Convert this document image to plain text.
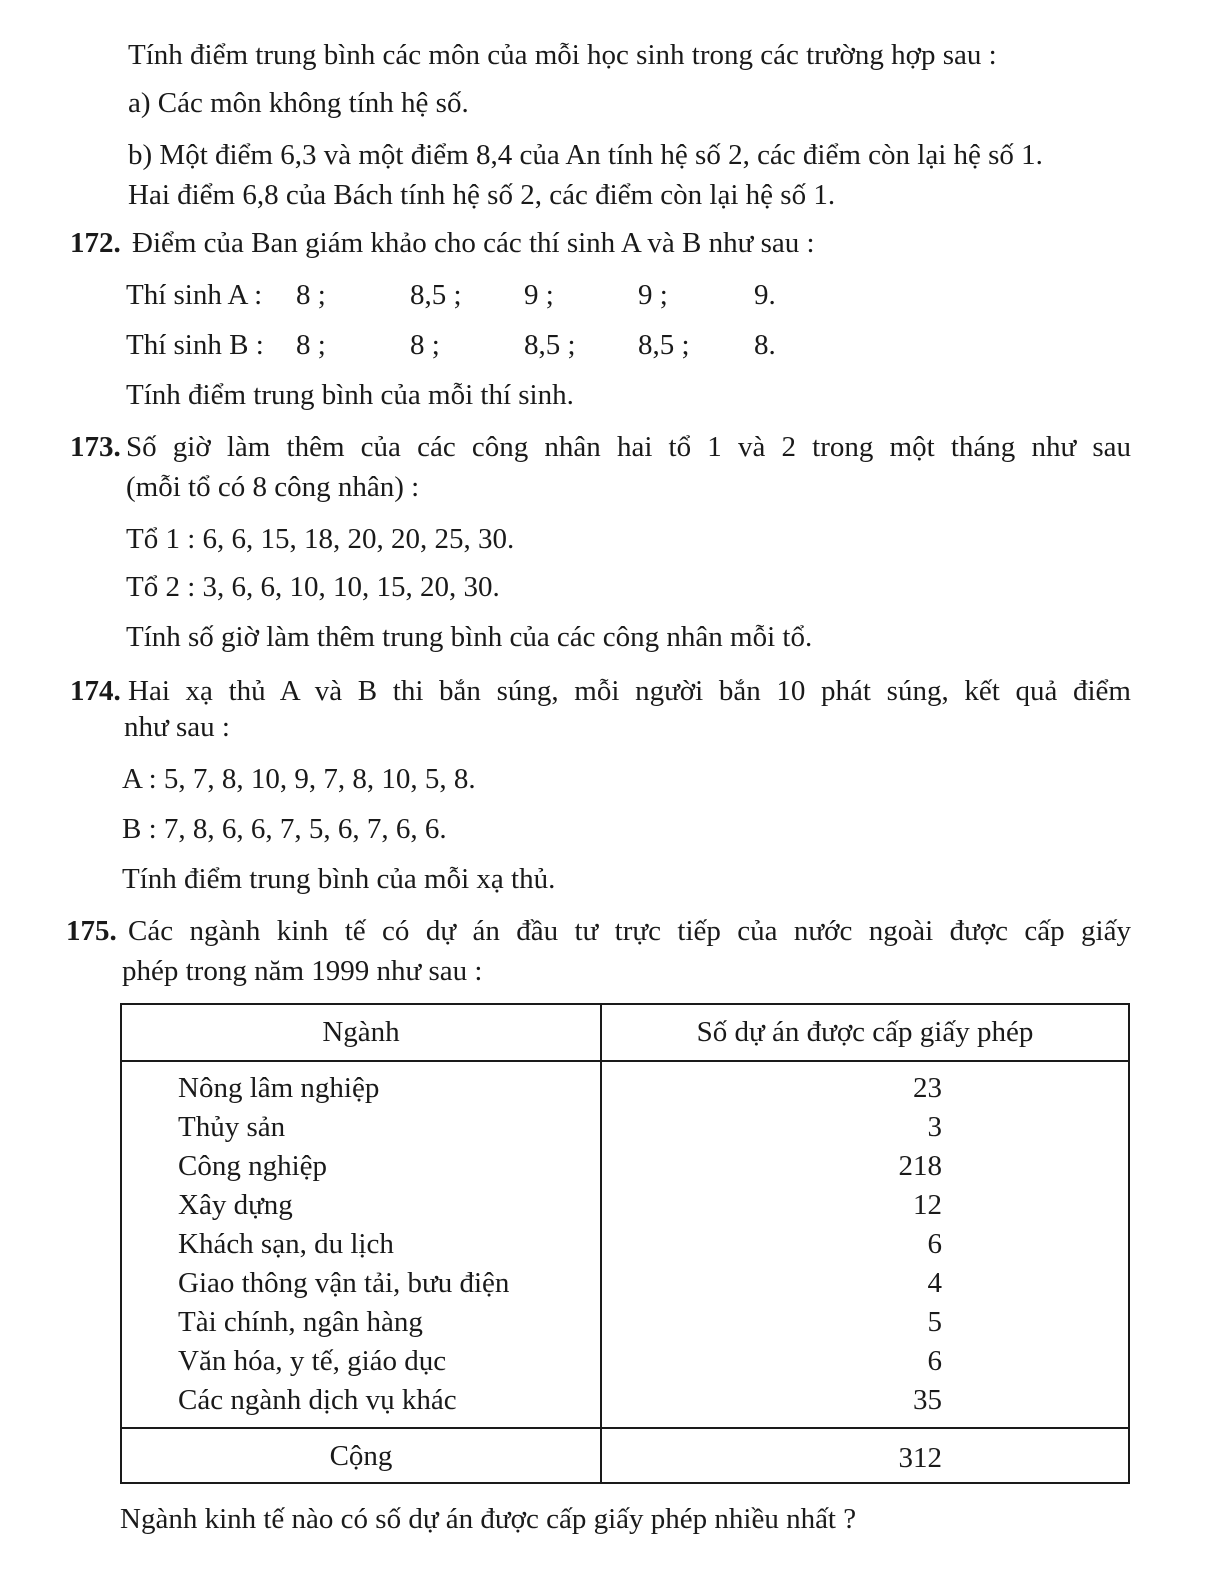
Tính điểm trung bình các môn của mỗi học sinh trong các trường hợp sau :
a) Các môn không tính hệ số.
b) Một điểm 6,3 và một điểm 8,4 của An tính hệ số 2, các điểm còn lại hệ số 1.
Hai điểm 6,8 của Bách tính hệ số 2, các điểm còn lại hệ số 1.
172. Điểm của Ban giám khảo cho các thí sinh A và B như sau :
Thí sinh A : 8 ;	8,5 ; 9 ;	9 ;	9.
Thí sinh B : 8 ;	8 ;	8,5 ; 8,5 ; 8.
Tính điểm trung bình của mỗi thí sinh.
173. Số giờ làm thêm của các công nhân hai tổ 1 và 2 trong một tháng như sau
(mỗi tổ có 8 công nhân) :
Tổ 1 : 6, 6, 15, 18, 20, 20, 25, 30.
Tổ 2 : 3, 6, 6, 10, 10, 15, 20, 30.
Tính số giờ làm thêm trung bình của các công nhân mỗi tổ.
174. Hai xạ thủ A và B thi bắn súng, mỗi người bắn 10 phát súng, kết quả điểm
như sau :
A : 5, 7, 8, 10, 9, 7, 8, 10, 5, 8.
B : 7, 8, 6, 6, 7, 5, 6, 7, 6, 6.
Tính điểm trung bình của mỗi xạ thủ.
175. Các ngành kinh tế có dự án đầu tư trực tiếp của nước ngoài được cấp giấy
phép trong năm 1999 như sau :
Ngành	Số dự án được cấp giấy phép
Nông lâm nghiệp	23
Thủy sản	3
Công nghiệp	218
Xây dựng	12
Khách sạn, du lịch	6
Giao thông vận tải, bưu điện	4
Tài chính, ngân hàng	5
Văn hóa, y tế, giáo dục	6
Các ngành dịch vụ khác	35
Cộng	312
Ngành kinh tế nào có số dự án được cấp giấy phép nhiều nhất ?
